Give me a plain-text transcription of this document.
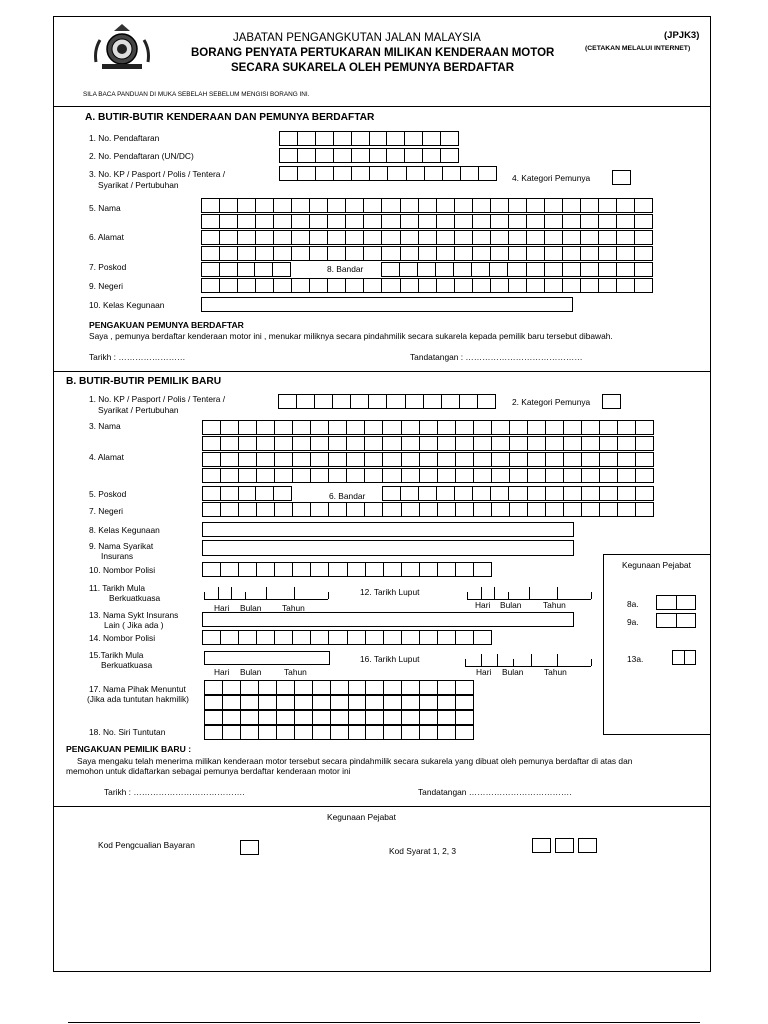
JABATAN PENGANGKUTAN JALAN MALAYSIA
BORANG PENYATA PERTUKARAN MILIKAN KENDERAAN MOTOR
SECARA SUKARELA OLEH PEMUNYA BERDAFTAR
(JPJK3)
(CETAKAN MELALUI INTERNET)
SILA BACA PANDUAN DI MUKA SEBELAH SEBELUM MENGISI BORANG INI.
A. BUTIR-BUTIR KENDERAAN DAN PEMUNYA BERDAFTAR
1. No. Pendaftaran
2. No. Pendaftaran (UN/DC)
3. No. KP / Pasport / Polis / Tentera /
Syarikat / Pertubuhan
4. Kategori Pemunya
5. Nama
6. Alamat
7. Poskod	8. Bandar
9. Negeri
10. Kelas Kegunaan
PENGAKUAN PEMUNYA BERDAFTAR
Saya , pemunya berdaftar kenderaan motor ini , menukar miliknya secara pindahmilik secara sukarela kepada pemilik baru tersebut dibawah.
Tarikh : ……………………	Tandatangan : ……………………………………
B. BUTIR-BUTIR PEMILIK BARU
1. No. KP / Pasport / Polis / Tentera /
Syarikat / Pertubuhan
2. Kategori Pemunya
3. Nama
4. Alamat
5. Poskod	6. Bandar
7. Negeri
8. Kelas Kegunaan
9. Nama Syarikat
Insurans
10. Nombor Polisi	Kegunaan Pejabat
8a.
9a.
13a.
11. Tarikh Mula
Berkuatkuasa
Hari Bulan Tahun
12. Tarikh Luput
Hari Bulan	Tahun
13. Nama Sykt Insurans
Lain ( Jika ada )
14. Nombor Polisi
15.Tarikh Mula
Berkuatkuasa
Hari Bulan	Tahun
16. Tarikh Luput
Hari Bulan Tahun
17. Nama Pihak Menuntut
(Jika ada tuntutan hakmilik)
18. No. Siri Tuntutan
PENGAKUAN PEMILIK BARU :
Saya mengaku telah menerima milikan kenderaan motor tersebut secara pindahmilik secara sukarela yang dibuat oleh pemunya berdaftar di atas dan
memohon untuk didaftarkan sebagai pemunya berdaftar kenderaan motor ini
Tarikh : ………………………………….	Tandatangan ……………………………….
Kegunaan Pejabat
Kod Pengcualian Bayaran
Kod Syarat 1, 2, 3
